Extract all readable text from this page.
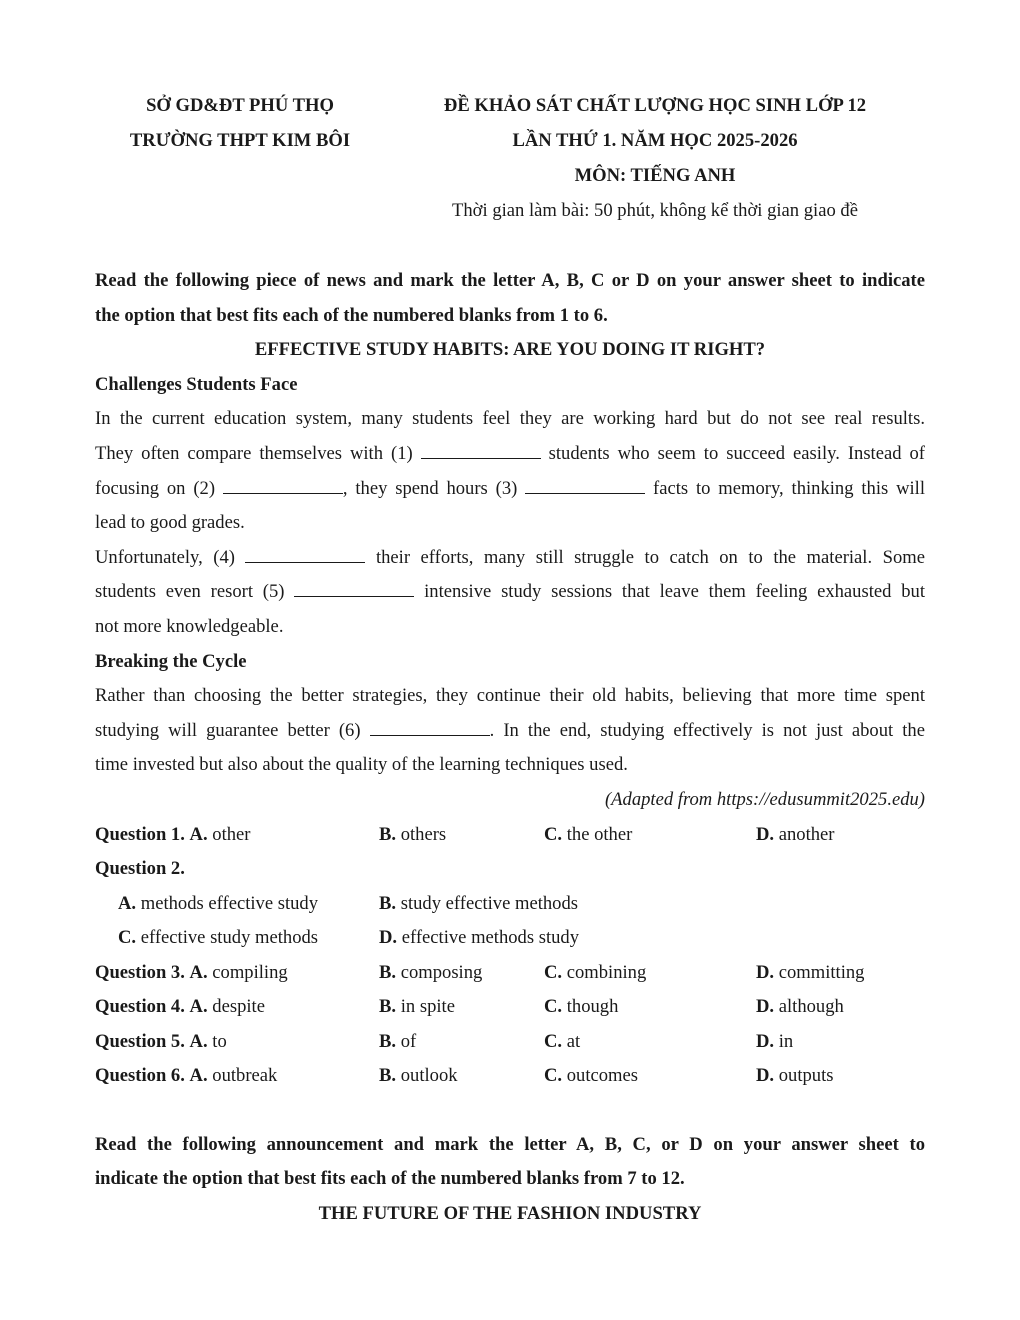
SỞ GD&ĐT PHÚ THỌ
TRƯỜNG THPT KIM BÔI
ĐỀ KHẢO SÁT CHẤT LƯỢNG HỌC SINH LỚP 12
LẦN THỨ 1. NĂM HỌC 2025-2026
MÔN: TIẾNG ANH
Thời gian làm bài: 50 phút, không kể thời gian giao đề
Read the following piece of news and mark the letter A, B, C or D on your answer sheet to indicate
the option that best fits each of the numbered blanks from 1 to 6.
EFFECTIVE STUDY HABITS: ARE YOU DOING IT RIGHT?
Challenges Students Face
In the current education system, many students feel they are working hard but do not see real results.
They often compare themselves with (1)	students who seem to succeed easily. Instead of
focusing on (2)	, they spend hours (3)	facts to memory, thinking this will
lead to good grades.
Unfortunately, (4)	their efforts, many still struggle to catch on to the material. Some
students even resort (5)	intensive study sessions that leave them feeling exhausted but
not more knowledgeable.
Breaking the Cycle
Rather than choosing the better strategies, they continue their old habits, believing that more time spent
studying will guarantee better (6)	. In the end, studying effectively is not just about the
time invested but also about the quality of the learning techniques used.
(Adapted from https://edusummit2025.edu)
Question 1. A. other	B. others	C. the other	D. another
Question 2.
A. methods effective study	B. study effective methods
C. effective study methods	D. effective methods study
Question 3. A. compiling	B. composing	C. combining	D. committing
Question 4. A. despite	B. in spite	C. though	D. although
Question 5. A. to	B. of	C. at	D. in
Question 6. A. outbreak	B. outlook	C. outcomes	D. outputs
Read the following announcement and mark the letter A, B, C, or D on your answer sheet to
indicate the option that best fits each of the numbered blanks from 7 to 12.
THE FUTURE OF THE FASHION INDUSTRY
